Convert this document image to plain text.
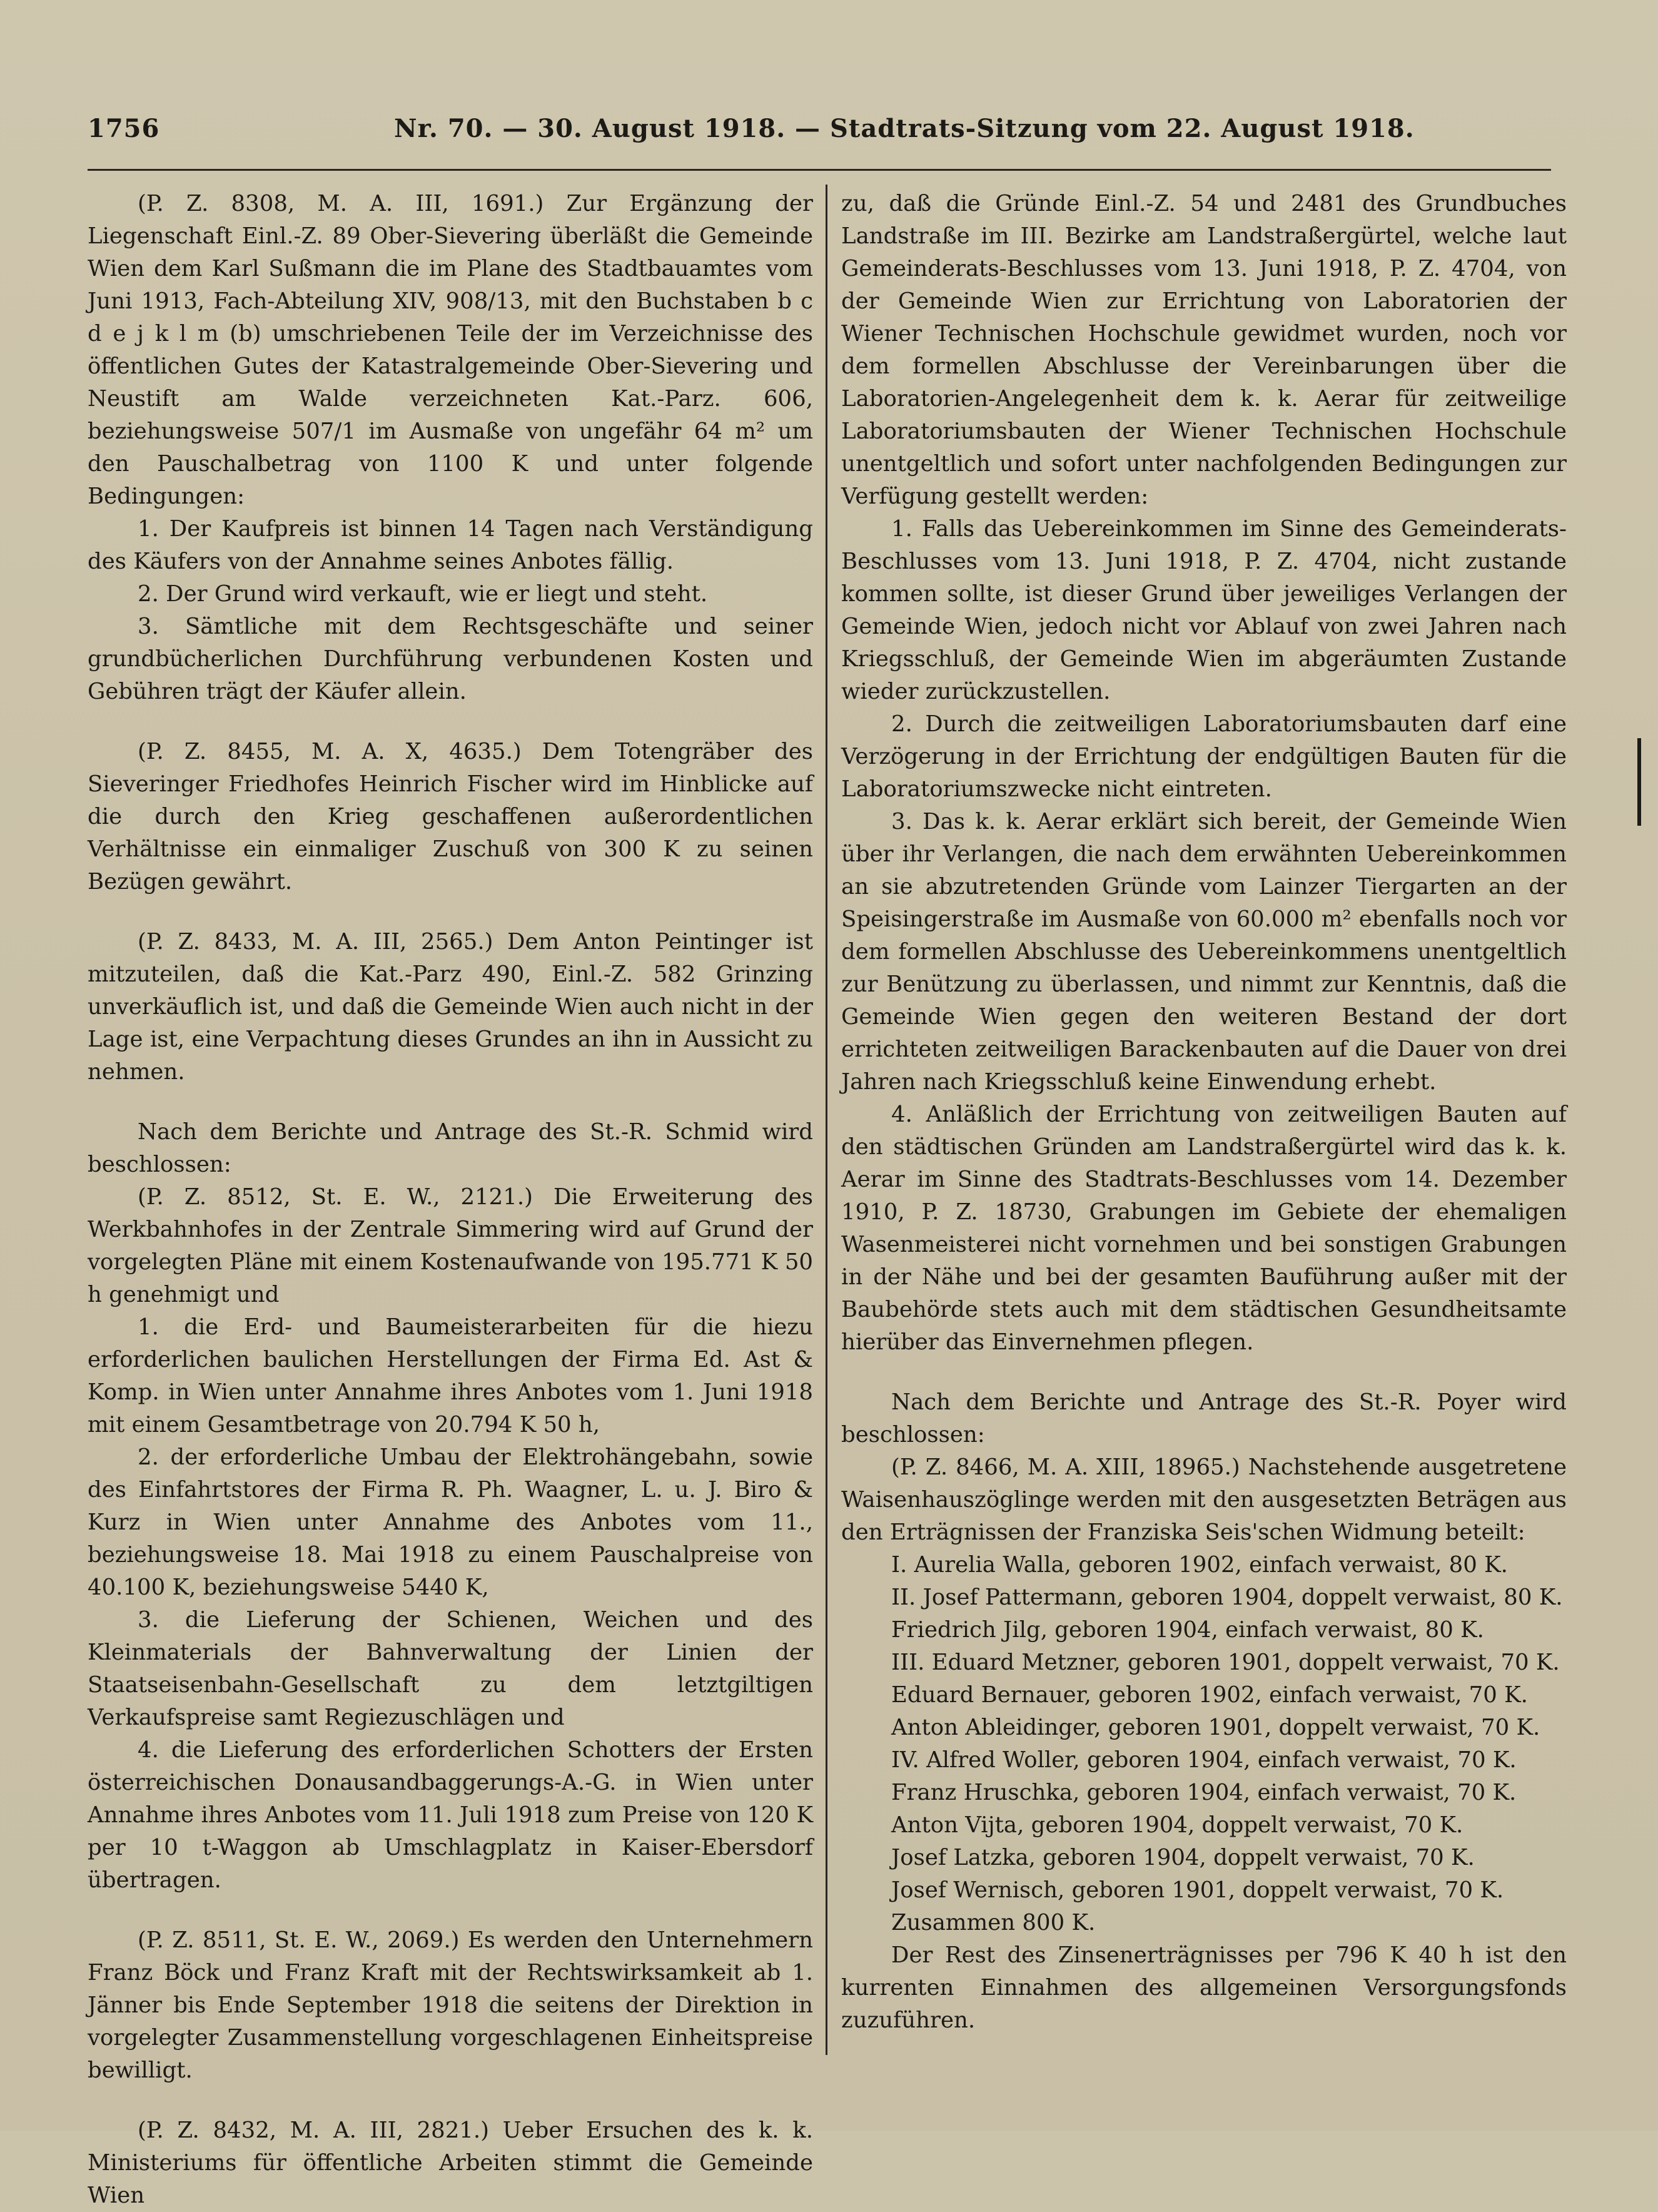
1756	Nr. 70. — 30. August 1918. — Stadtrats-Sitzung vom 22. August 1918.

(P. Z. 8308, M. A. III, 1691.) Zur Ergänzung der Liegenschaft Einl.-Z. 89 Ober-Sievering überläßt die Gemeinde Wien dem Karl Sußmann die im Plane des Stadtbauamtes vom Juni 1913, Fach-Abteilung XIV, 908/13, mit den Buchstaben b c d e j k l m (b) umschriebenen Teile der im Verzeichnisse des öffentlichen Gutes der Katastralgemeinde Ober-Sievering und Neustift am Walde verzeichneten Kat.-Parz. 606, beziehungsweise 507/1 im Ausmaße von ungefähr 64 m² um den Pauschalbetrag von 1100 K und unter folgende Bedingungen:

1. Der Kaufpreis ist binnen 14 Tagen nach Verständigung des Käufers von der Annahme seines Anbotes fällig.

2. Der Grund wird verkauft, wie er liegt und steht.

3. Sämtliche mit dem Rechtsgeschäfte und seiner grundbücherlichen Durchführung verbundenen Kosten und Gebühren trägt der Käufer allein.

(P. Z. 8455, M. A. X, 4635.) Dem Totengräber des Sieveringer Friedhofes Heinrich Fischer wird im Hinblicke auf die durch den Krieg geschaffenen außerordentlichen Verhältnisse ein einmaliger Zuschuß von 300 K zu seinen Bezügen gewährt.

(P. Z. 8433, M. A. III, 2565.) Dem Anton Peintinger ist mitzuteilen, daß die Kat.-Parz 490, Einl.-Z. 582 Grinzing unverkäuflich ist, und daß die Gemeinde Wien auch nicht in der Lage ist, eine Verpachtung dieses Grundes an ihn in Aussicht zu nehmen.

Nach dem Berichte und Antrage des St.-R. Schmid wird beschlossen:

(P. Z. 8512, St. E. W., 2121.) Die Erweiterung des Werkbahnhofes in der Zentrale Simmering wird auf Grund der vorgelegten Pläne mit einem Kostenaufwande von 195.771 K 50 h genehmigt und

1. die Erd- und Baumeisterarbeiten für die hiezu erforderlichen baulichen Herstellungen der Firma Ed. Ast & Komp. in Wien unter Annahme ihres Anbotes vom 1. Juni 1918 mit einem Gesamtbetrage von 20.794 K 50 h,

2. der erforderliche Umbau der Elektrohängebahn, sowie des Einfahrtstores der Firma R. Ph. Waagner, L. u. J. Biro & Kurz in Wien unter Annahme des Anbotes vom 11., beziehungsweise 18. Mai 1918 zu einem Pauschalpreise von 40.100 K, beziehungsweise 5440 K,

3. die Lieferung der Schienen, Weichen und des Kleinmaterials der Bahnverwaltung der Linien der Staatseisenbahn-Gesellschaft zu dem letztgiltigen Verkaufspreise samt Regiezuschlägen und

4. die Lieferung des erforderlichen Schotters der Ersten österreichischen Donausandbaggerungs-A.-G. in Wien unter Annahme ihres Anbotes vom 11. Juli 1918 zum Preise von 120 K per 10 t-Waggon ab Umschlagplatz in Kaiser-Ebersdorf übertragen.

(P. Z. 8511, St. E. W., 2069.) Es werden den Unternehmern Franz Böck und Franz Kraft mit der Rechtswirksamkeit ab 1. Jänner bis Ende September 1918 die seitens der Direktion in vorgelegter Zusammenstellung vorgeschlagenen Einheitspreise bewilligt.

(P. Z. 8432, M. A. III, 2821.) Ueber Ersuchen des k. k. Ministeriums für öffentliche Arbeiten stimmt die Gemeinde Wien

zu, daß die Gründe Einl.-Z. 54 und 2481 des Grundbuches Landstraße im III. Bezirke am Landstraßergürtel, welche laut Gemeinderats-Beschlusses vom 13. Juni 1918, P. Z. 4704, von der Gemeinde Wien zur Errichtung von Laboratorien der Wiener Technischen Hochschule gewidmet wurden, noch vor dem formellen Abschlusse der Vereinbarungen über die Laboratorien-Angelegenheit dem k. k. Aerar für zeitweilige Laboratoriumsbauten der Wiener Technischen Hochschule unentgeltlich und sofort unter nachfolgenden Bedingungen zur Verfügung gestellt werden:

1. Falls das Uebereinkommen im Sinne des Gemeinderats-Beschlusses vom 13. Juni 1918, P. Z. 4704, nicht zustande kommen sollte, ist dieser Grund über jeweiliges Verlangen der Gemeinde Wien, jedoch nicht vor Ablauf von zwei Jahren nach Kriegsschluß, der Gemeinde Wien im abgeräumten Zustande wieder zurückzustellen.

2. Durch die zeitweiligen Laboratoriumsbauten darf eine Verzögerung in der Errichtung der endgültigen Bauten für die Laboratoriumszwecke nicht eintreten.

3. Das k. k. Aerar erklärt sich bereit, der Gemeinde Wien über ihr Verlangen, die nach dem erwähnten Uebereinkommen an sie abzutretenden Gründe vom Lainzer Tiergarten an der Speisingerstraße im Ausmaße von 60.000 m² ebenfalls noch vor dem formellen Abschlusse des Uebereinkommens unentgeltlich zur Benützung zu überlassen, und nimmt zur Kenntnis, daß die Gemeinde Wien gegen den weiteren Bestand der dort errichteten zeitweiligen Barackenbauten auf die Dauer von drei Jahren nach Kriegsschluß keine Einwendung erhebt.

4. Anläßlich der Errichtung von zeitweiligen Bauten auf den städtischen Gründen am Landstraßergürtel wird das k. k. Aerar im Sinne des Stadtrats-Beschlusses vom 14. Dezember 1910, P. Z. 18730, Grabungen im Gebiete der ehemaligen Wasenmeisterei nicht vornehmen und bei sonstigen Grabungen in der Nähe und bei der gesamten Bauführung außer mit der Baubehörde stets auch mit dem städtischen Gesundheitsamte hierüber das Einvernehmen pflegen.

Nach dem Berichte und Antrage des St.-R. Poyer wird beschlossen:

(P. Z. 8466, M. A. XIII, 18965.) Nachstehende ausgetretene Waisenhauszöglinge werden mit den ausgesetzten Beträgen aus den Erträgnissen der Franziska Seis'schen Widmung beteilt:

I. Aurelia Walla, geboren 1902, einfach verwaist, 80 K.

II. Josef Pattermann, geboren 1904, doppelt verwaist, 80 K.

Friedrich Jilg, geboren 1904, einfach verwaist, 80 K.

III. Eduard Metzner, geboren 1901, doppelt verwaist, 70 K.

Eduard Bernauer, geboren 1902, einfach verwaist, 70 K.

Anton Ableidinger, geboren 1901, doppelt verwaist, 70 K.

IV. Alfred Woller, geboren 1904, einfach verwaist, 70 K.

Franz Hruschka, geboren 1904, einfach verwaist, 70 K.

Anton Vijta, geboren 1904, doppelt verwaist, 70 K.

Josef Latzka, geboren 1904, doppelt verwaist, 70 K.

Josef Wernisch, geboren 1901, doppelt verwaist, 70 K.

Zusammen 800 K.

Der Rest des Zinsenerträgnisses per 796 K 40 h ist den kurrenten Einnahmen des allgemeinen Versorgungsfonds zuzuführen.
